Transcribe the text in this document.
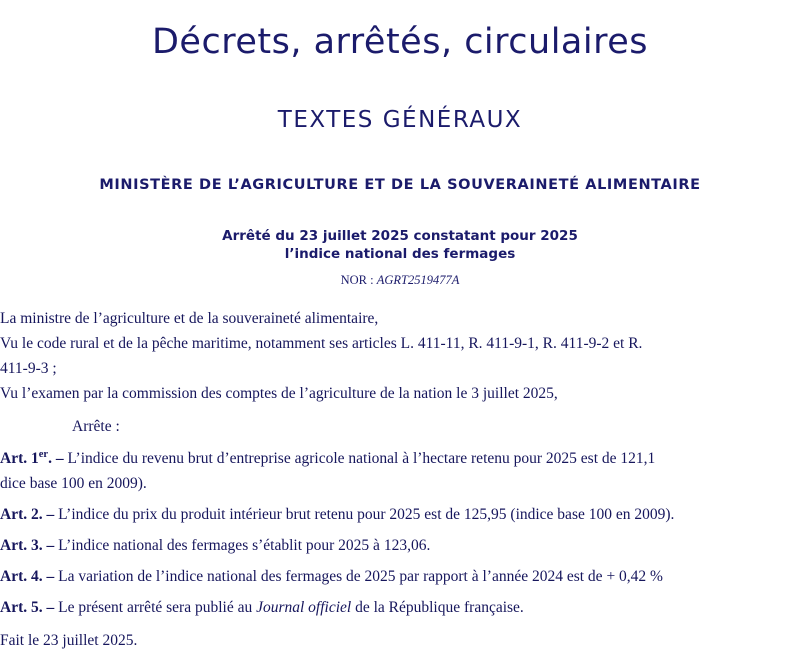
Décrets, arrêtés, circulaires
TEXTES GÉNÉRAUX
MINISTÈRE DE L’AGRICULTURE ET DE LA SOUVERAINETÉ ALIMENTAIRE
Arrêté du 23 juillet 2025 constatant pour 2025
l’indice national des fermages
NOR : AGRT2519477A

La ministre de l’agriculture et de la souveraineté alimentaire,

Vu le code rural et de la pêche maritime, notamment ses articles L. 411-11, R. 411-9-1, R. 411-9-2 et R.

411-9-3 ;

Vu l’examen par la commission des comptes de l’agriculture de la nation le 3 juillet 2025,

Arrête :

Art. 1er. – L’indice du revenu brut d’entreprise agricole national à l’hectare retenu pour 2025 est de 121,1

dice base 100 en 2009).

Art. 2. – L’indice du prix du produit intérieur brut retenu pour 2025 est de 125,95 (indice base 100 en 2009).

Art. 3. – L’indice national des fermages s’établit pour 2025 à 123,06.

Art. 4. – La variation de l’indice national des fermages de 2025 par rapport à l’année 2024 est de + 0,42 %

Art. 5. – Le présent arrêté sera publié au Journal officiel de la République française.

Fait le 23 juillet 2025.
